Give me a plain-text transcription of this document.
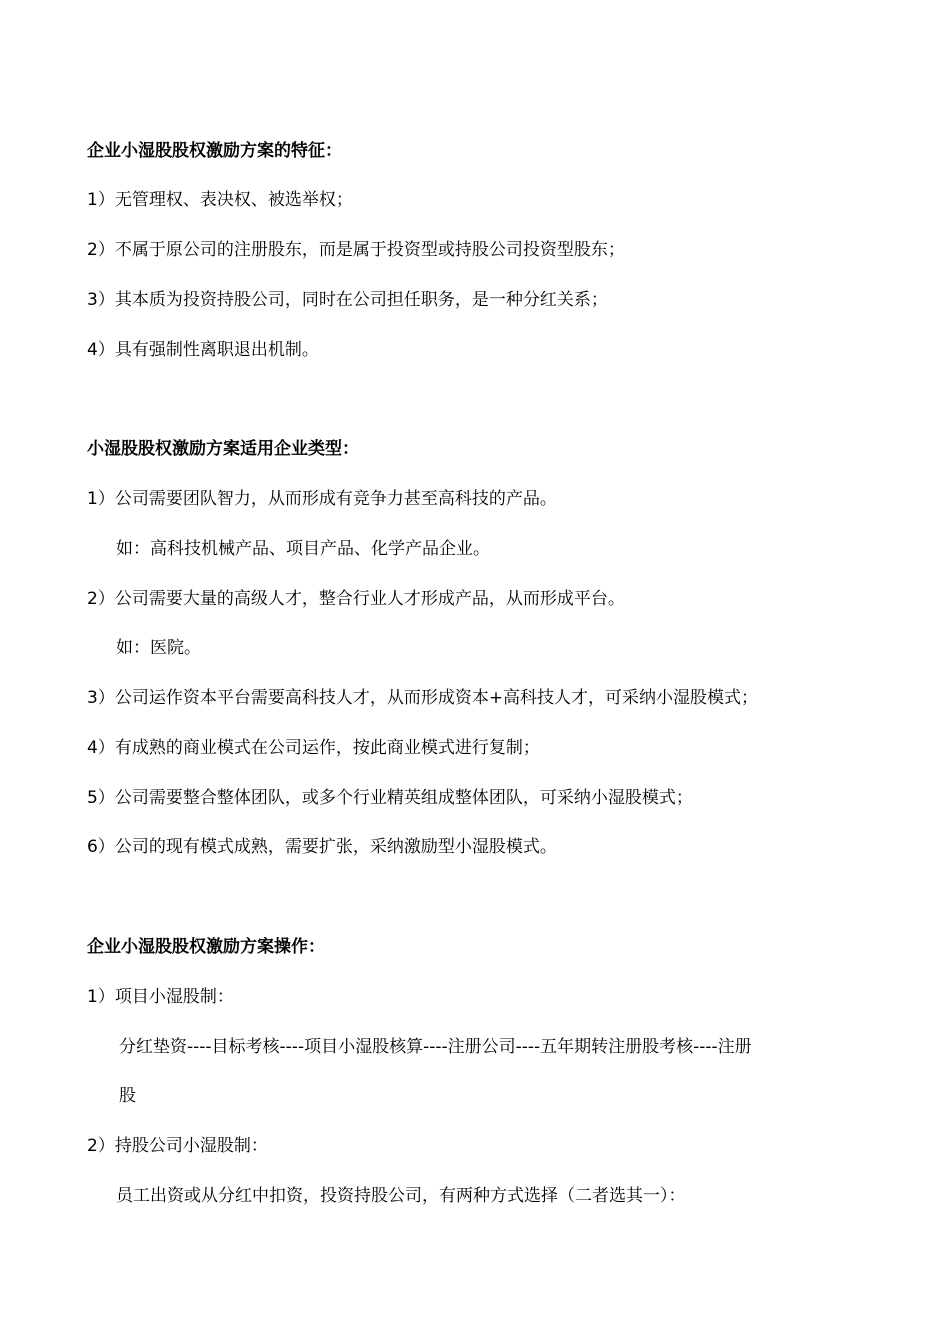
企业小湿股股权激励方案的特征：
1）无管理权、表决权、被选举权；
2）不属于原公司的注册股东，而是属于投资型或持股公司投资型股东；
3）其本质为投资持股公司，同时在公司担任职务，是一种分红关系；
4）具有强制性离职退出机制。
小湿股股权激励方案适用企业类型：
1）公司需要团队智力，从而形成有竞争力甚至高科技的产品。
如：高科技机械产品、项目产品、化学产品企业。
2）公司需要大量的高级人才，整合行业人才形成产品，从而形成平台。
如：医院。
3）公司运作资本平台需要高科技人才，从而形成资本+高科技人才，可采纳小湿股模式；
4）有成熟的商业模式在公司运作，按此商业模式进行复制；
5）公司需要整合整体团队，或多个行业精英组成整体团队，可采纳小湿股模式；
6）公司的现有模式成熟，需要扩张，采纳激励型小湿股模式。
企业小湿股股权激励方案操作：
1）项目小湿股制：
分红垫资----目标考核----项目小湿股核算----注册公司----五年期转注册股考核----注册
股
2）持股公司小湿股制：
员工出资或从分红中扣资，投资持股公司，有两种方式选择（二者选其一）：
